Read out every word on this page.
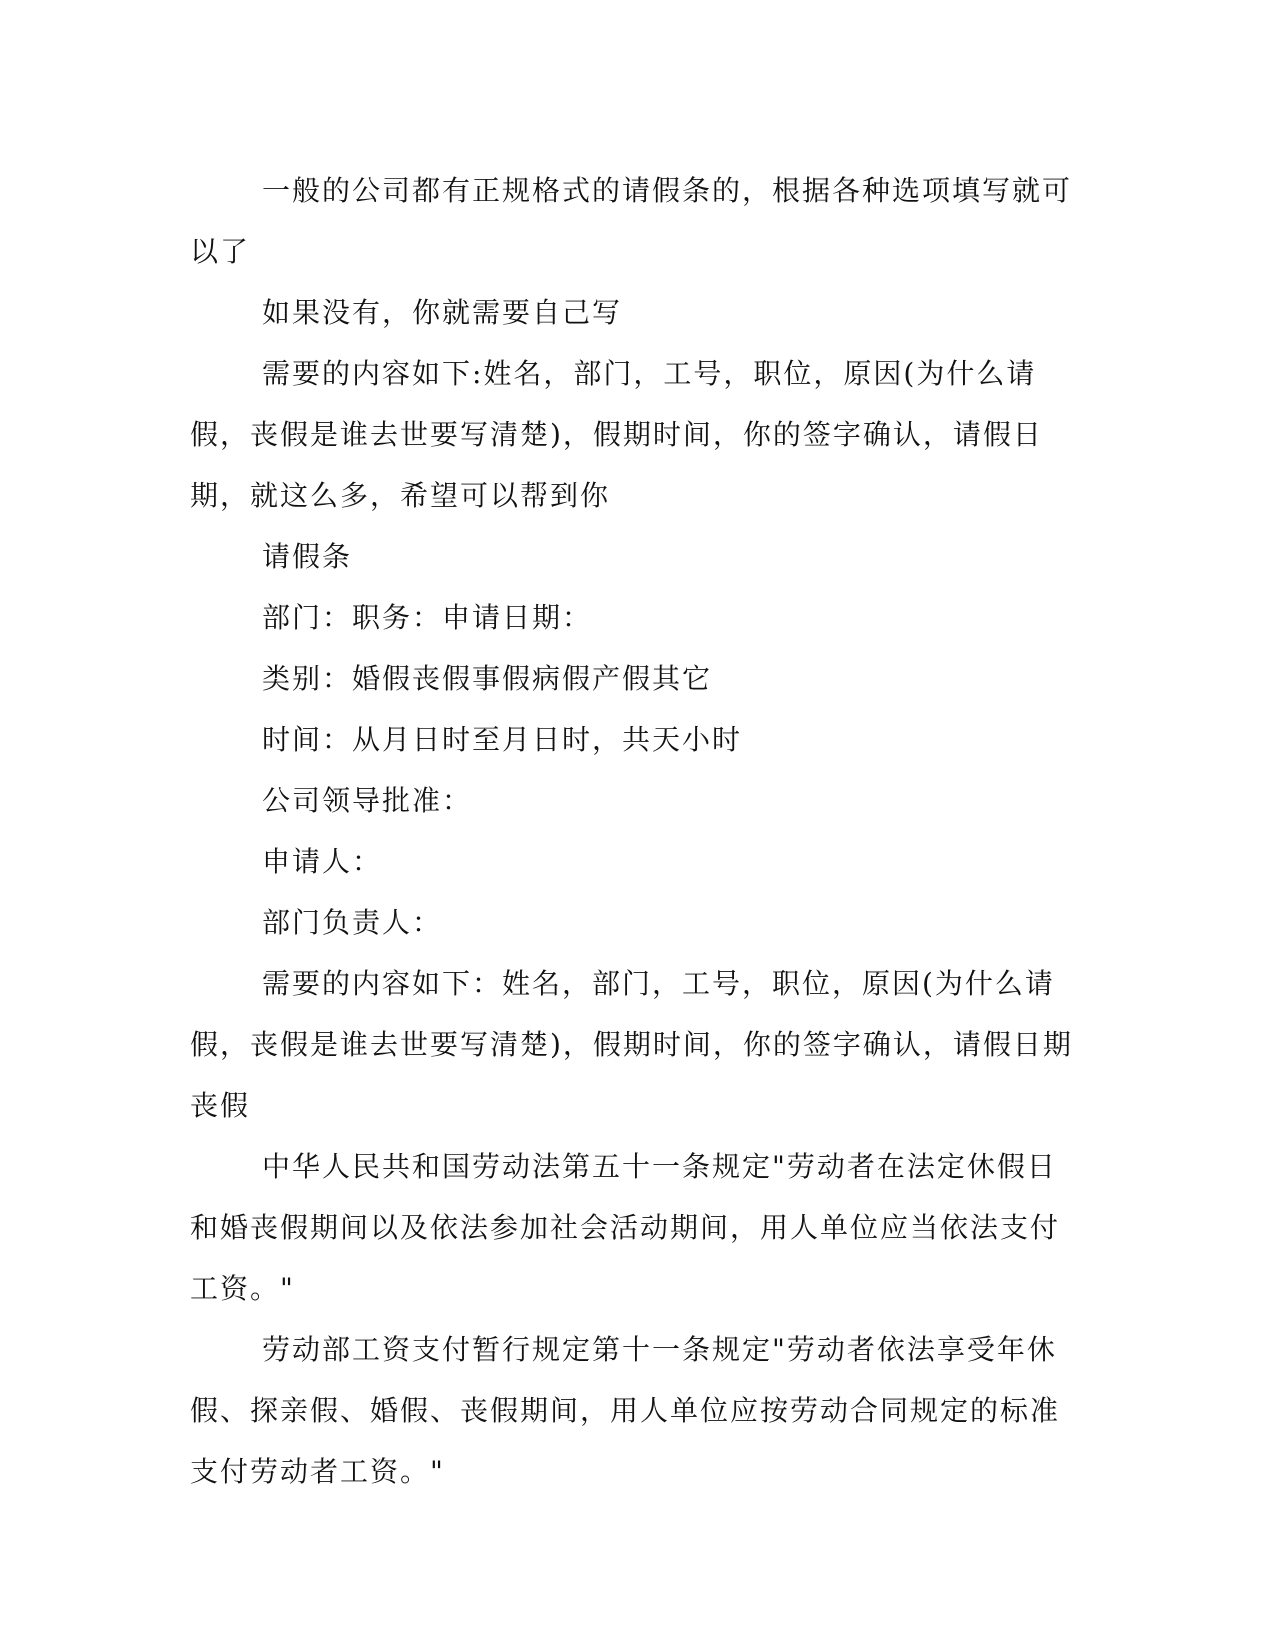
一般的公司都有正规格式的请假条的，根据各种选项填写就可以了

如果没有，你就需要自己写

需要的内容如下:姓名，部门，工号，职位，原因(为什么请假，丧假是谁去世要写清楚)，假期时间，你的签字确认，请假日期，就这么多，希望可以帮到你

请假条

部门：职务：申请日期：

类别：婚假丧假事假病假产假其它

时间：从月日时至月日时，共天小时

公司领导批准：

申请人：

部门负责人：

需要的内容如下：姓名，部门，工号，职位，原因(为什么请假，丧假是谁去世要写清楚)，假期时间，你的签字确认，请假日期丧假

中华人民共和国劳动法第五十一条规定"劳动者在法定休假日和婚丧假期间以及依法参加社会活动期间，用人单位应当依法支付工资。"

劳动部工资支付暂行规定第十一条规定"劳动者依法享受年休假、探亲假、婚假、丧假期间，用人单位应按劳动合同规定的标准支付劳动者工资。"
